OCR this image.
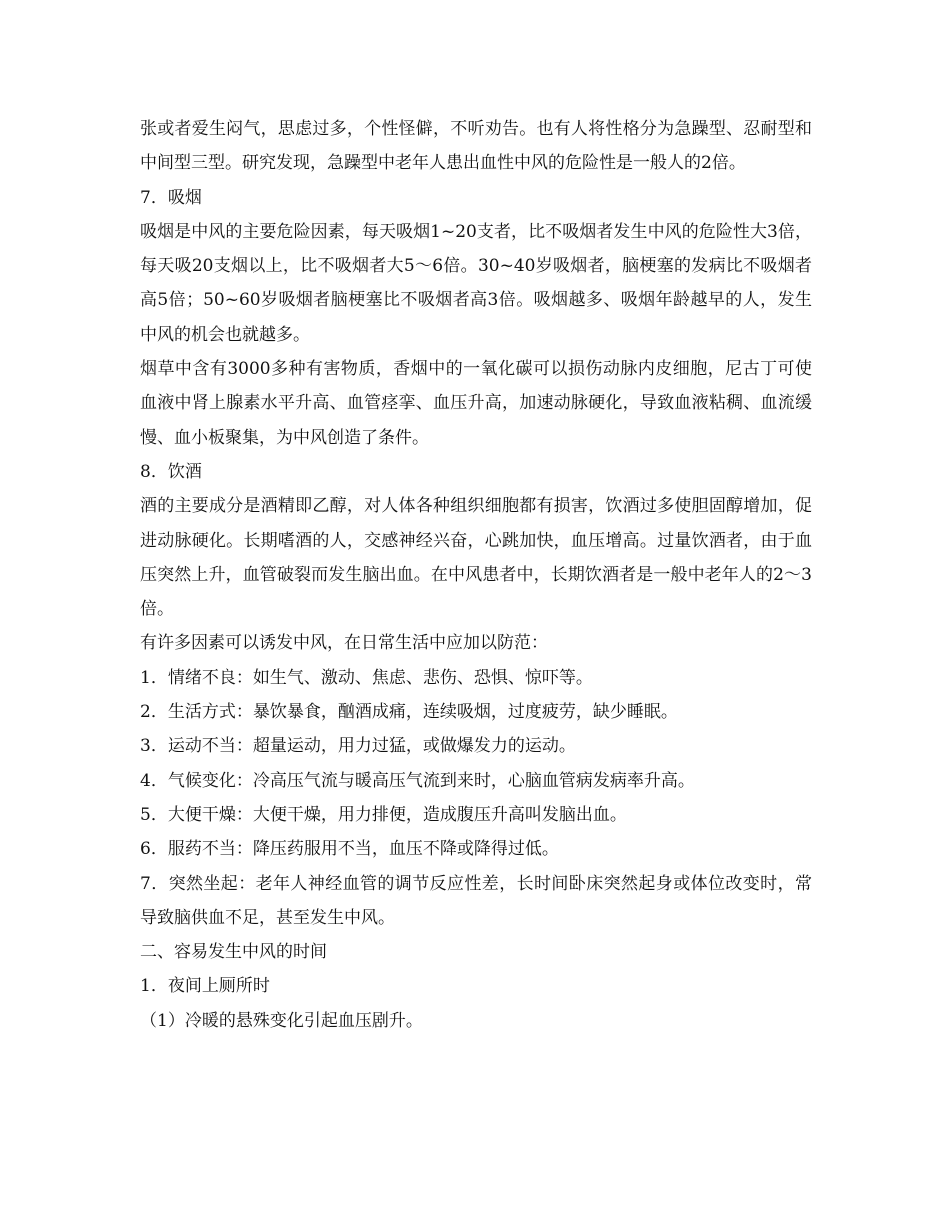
张或者爱生闷气，思虑过多，个性怪僻，不听劝告。也有人将性格分为急躁型、忍耐型和中间型三型。研究发现，急躁型中老年人患出血性中风的危险性是一般人的2倍。

7．吸烟

吸烟是中风的主要危险因素，每天吸烟1~20支者，比不吸烟者发生中风的危险性大3倍，每天吸20支烟以上，比不吸烟者大5～6倍。30~40岁吸烟者，脑梗塞的发病比不吸烟者高5倍；50~60岁吸烟者脑梗塞比不吸烟者高3倍。吸烟越多、吸烟年龄越早的人，发生中风的机会也就越多。

烟草中含有3000多种有害物质，香烟中的一氧化碳可以损伤动脉内皮细胞，尼古丁可使血液中肾上腺素水平升高、血管痉挛、血压升高，加速动脉硬化，导致血液粘稠、血流缓慢、血小板聚集，为中风创造了条件。

8．饮酒

酒的主要成分是酒精即乙醇，对人体各种组织细胞都有损害，饮酒过多使胆固醇增加，促进动脉硬化。长期嗜酒的人，交感神经兴奋，心跳加快，血压增高。过量饮酒者，由于血压突然上升，血管破裂而发生脑出血。在中风患者中，长期饮酒者是一般中老年人的2～3倍。

有许多因素可以诱发中风，在日常生活中应加以防范：

1．情绪不良：如生气、激动、焦虑、悲伤、恐惧、惊吓等。

2．生活方式：暴饮暴食，酗酒成痛，连续吸烟，过度疲劳，缺少睡眠。

3．运动不当：超量运动，用力过猛，或做爆发力的运动。

4．气候变化：冷高压气流与暖高压气流到来时，心脑血管病发病率升高。

5．大便干燥：大便干燥，用力排便，造成腹压升高叫发脑出血。

6．服药不当：降压药服用不当，血压不降或降得过低。

7．突然坐起：老年人神经血管的调节反应性差，长时间卧床突然起身或体位改变时，常导致脑供血不足，甚至发生中风。

二、容易发生中风的时间

1．夜间上厕所时

（1）冷暖的悬殊变化引起血压剧升。
